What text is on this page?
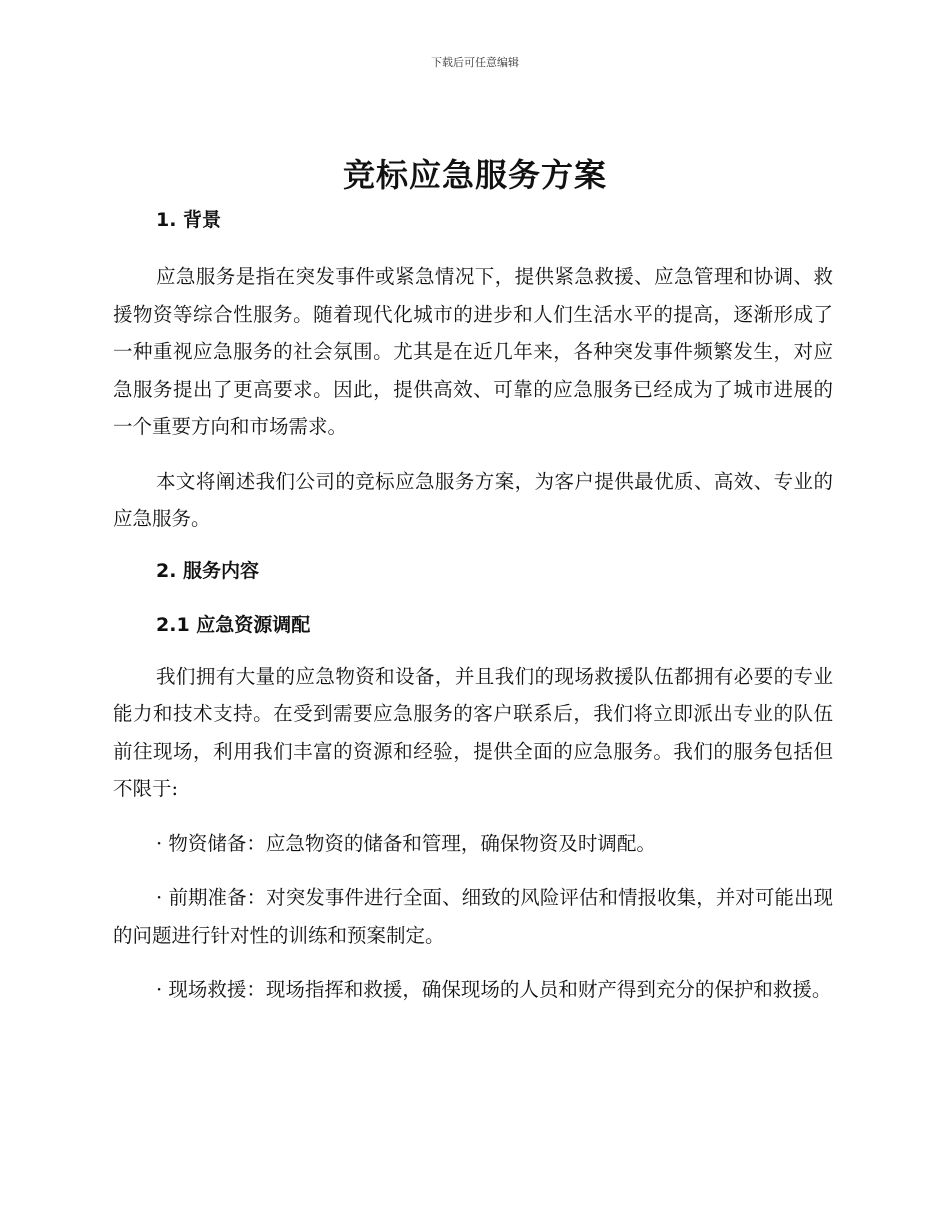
下载后可任意编辑
竞标应急服务方案

1. 背景

应急服务是指在突发事件或紧急情况下，提供紧急救援、应急管理和协调、救援物资等综合性服务。随着现代化城市的进步和人们生活水平的提高，逐渐形成了一种重视应急服务的社会氛围。尤其是在近几年来，各种突发事件频繁发生，对应急服务提出了更高要求。因此，提供高效、可靠的应急服务已经成为了城市进展的一个重要方向和市场需求。

本文将阐述我们公司的竞标应急服务方案，为客户提供最优质、高效、专业的应急服务。

2. 服务内容

2.1 应急资源调配

我们拥有大量的应急物资和设备，并且我们的现场救援队伍都拥有必要的专业能力和技术支持。在受到需要应急服务的客户联系后，我们将立即派出专业的队伍前往现场，利用我们丰富的资源和经验，提供全面的应急服务。我们的服务包括但不限于:

· 物资储备：应急物资的储备和管理，确保物资及时调配。

· 前期准备：对突发事件进行全面、细致的风险评估和情报收集，并对可能出现的问题进行针对性的训练和预案制定。

· 现场救援：现场指挥和救援，确保现场的人员和财产得到充分的保护和救援。
